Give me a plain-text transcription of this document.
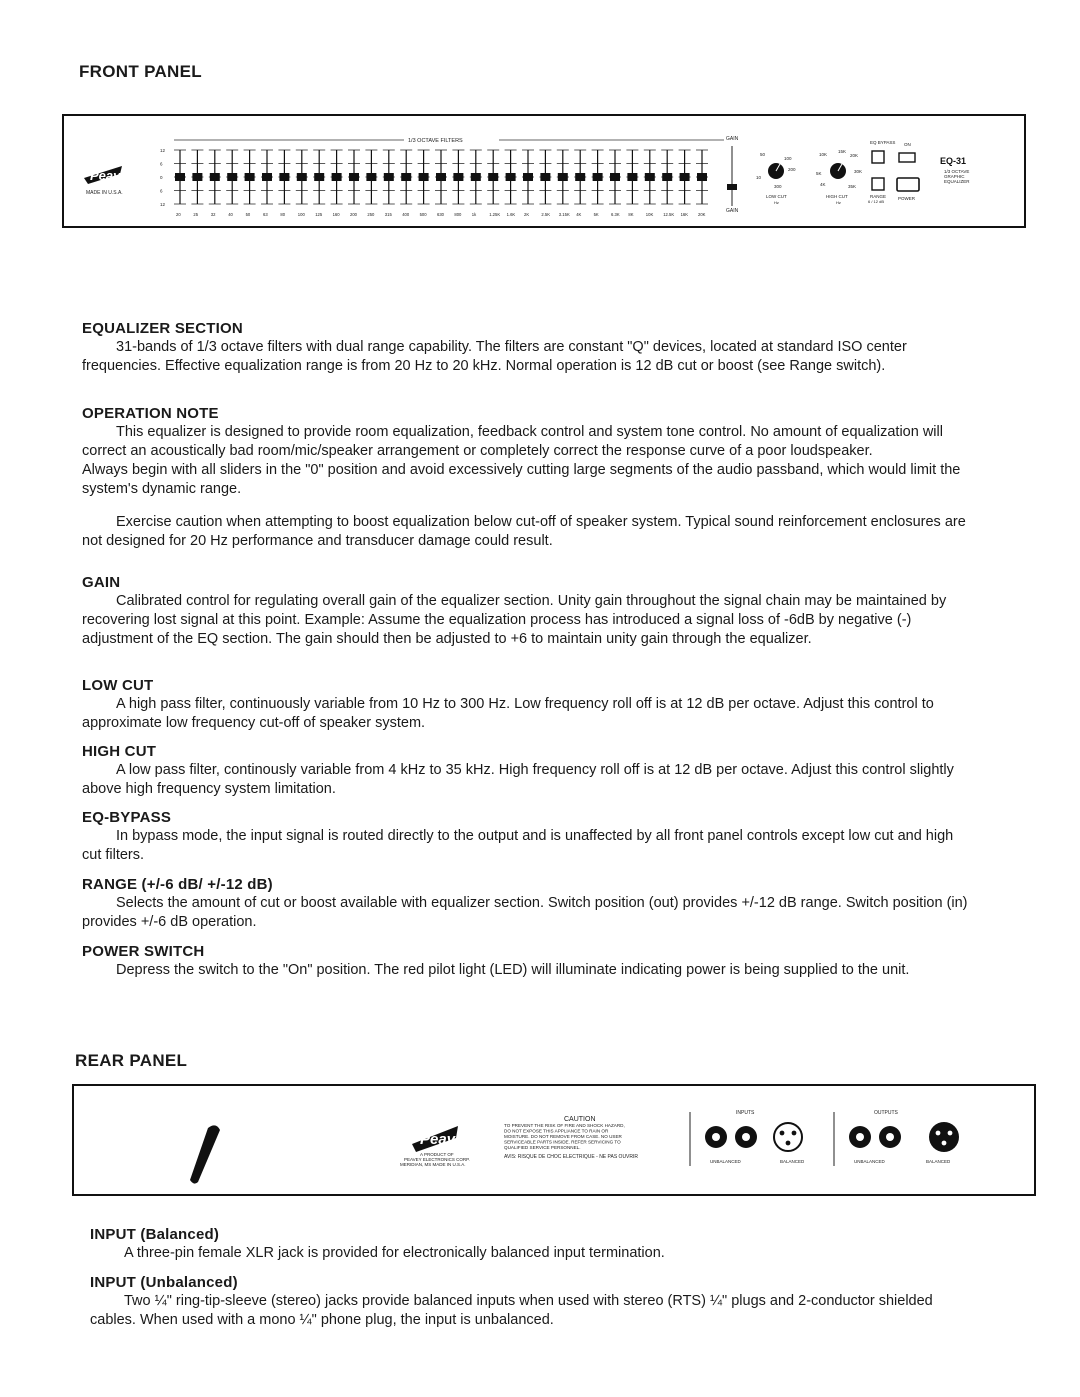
FRONT PANEL
Peavey
MADE IN U.S.A.
1/3 OCTAVE FILTERS
12
6
0
6
12
20	25	32	40	50	63	80	100 125 160 200 250 315 400 500 630 800 1k	1.25K 1.6K 2K	2.5K 3.15K 4K	5K	6.3K 8K	10K 12.5K 16K 20K
GAIN
GAIN
50
100
200
10
300
LOW CUT
Hz
10K
15K
20K
30K
5K
4K	35K
HIGH CUT
Hz
EQ BYPASS
RANGE
6 / 12 dB
ON
POWER
EQ-31
1/3 OCTAVE
GRAPHIC
EQUALIZER
EQUALIZER SECTION

31-bands of 1/3 octave filters with dual range capability. The filters are constant "Q" devices, located at standard ISO center frequencies. Effective equalization range is from 20 Hz to 20 kHz. Normal operation is 12 dB cut or boost (see Range switch).

OPERATION NOTE

This equalizer is designed to provide room equalization, feedback control and system tone control. No amount of equalization will correct an acoustically bad room/mic/speaker arrangement or completely correct the response curve of a poor loudspeaker.

Always begin with all sliders in the "0" position and avoid excessively cutting large segments of the audio passband, which would limit the system's dynamic range.

Exercise caution when attempting to boost equalization below cut-off of speaker system. Typical sound reinforcement enclosures are not designed for 20 Hz performance and transducer damage could result.

GAIN

Calibrated control for regulating overall gain of the equalizer section. Unity gain throughout the signal chain may be maintained by recovering lost signal at this point. Example: Assume the equalization process has introduced a signal loss of -6dB by negative (-) adjustment of the EQ section. The gain should then be adjusted to +6 to maintain unity gain through the equalizer.

LOW CUT

A high pass filter, continuously variable from 10 Hz to 300 Hz. Low frequency roll off is at 12 dB per octave. Adjust this control to approximate low frequency cut-off of speaker system.

HIGH CUT

A low pass filter, continously variable from 4 kHz to 35 kHz. High frequency roll off is at 12 dB per octave. Adjust this control slightly above high frequency system limitation.

EQ-BYPASS

In bypass mode, the input signal is routed directly to the output and is unaffected by all front panel controls except low cut and high cut filters.

RANGE (+/-6 dB/ +/-12 dB)

Selects the amount of cut or boost available with equalizer section. Switch position (out) provides +/-12 dB range. Switch position (in) provides +/-6 dB operation.

POWER SWITCH

Depress the switch to the "On" position. The red pilot light (LED) will illuminate indicating power is being supplied to the unit.

REAR PANEL
Peavey
A PRODUCT OF
PEAVEY ELECTRONICS CORP.
MERIDIAN, MS MADE IN U.S.A.
CAUTION
TO PREVENT THE RISK OF FIRE AND SHOCK HAZARD,
DO NOT EXPOSE THIS APPLIANCE TO RAIN OR
MOISTURE. DO NOT REMOVE FROM CASE. NO USER
SERVICEABLE PARTS INSIDE. REFER SERVICING TO
QUALIFIED SERVICE PERSONNEL.
AVIS: RISQUE DE CHOC ELECTRIQUE - NE PAS OUVRIR
INPUTS
UNBALANCED	BALANCED
OUTPUTS
UNBALANCED	BALANCED
INPUT (Balanced)

A three-pin female XLR jack is provided for electronically balanced input termination.

INPUT (Unbalanced)

Two ¼" ring-tip-sleeve (stereo) jacks provide balanced inputs when used with stereo (RTS) ¼" plugs and 2-conductor shielded cables. When used with a mono ¼" phone plug, the input is unbalanced.
